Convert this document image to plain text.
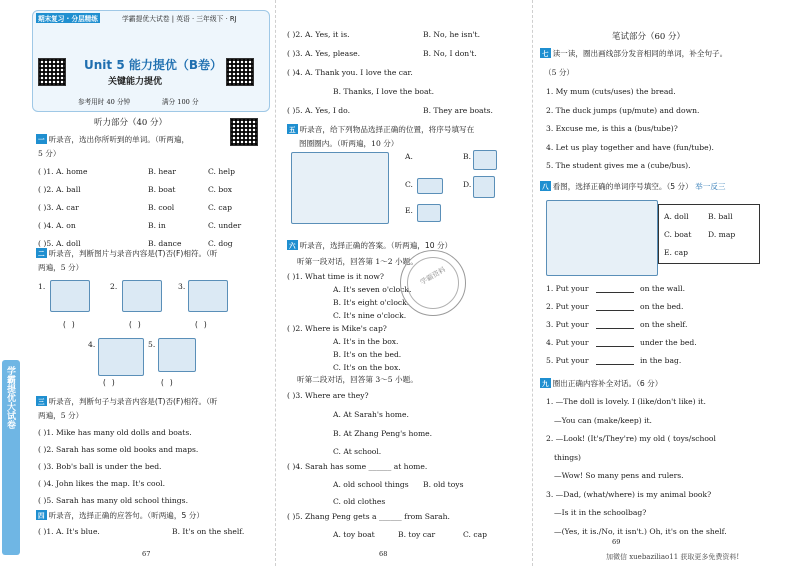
学霸提优大试卷
期末复习 · 分层精练	学霸提优大试卷 | 英语 · 三年级下 · RJ
Unit 5 能力提优（B卷）
关键能力提优
参考用时 40 分钟	满分 100 分
听力部分（40 分）
一 听录音，选出你所听到的单词。（听两遍，
5 分）
二 听录音，判断图片与录音内容是(T)否(F)相符。（听
两遍，5 分）
1.	2.	3.
( )	( )	( )
4.	5.
( )	( )
三 听录音，判断句子与录音内容是(T)否(F)相符。（听
两遍，5 分）
四 听录音，选择正确的应答句。（听两遍，5 分）
( )1. A. It's blue.	B. It's on the shelf.
67
( )1. A. home	B. hear	C. help
( )2. A. ball	B. boat	C. box
( )3. A. car	B. cool	C. cap
( )4. A. on	B. in	C. under
( )5. A. doll	B. dance	C. dog
( )1. Mike has many old dolls and boats.
( )2. Sarah has some old books and maps.
( )3. Bob's ball is under the bed.
( )4. John likes the map. It's cool.
( )5. Sarah has many old school things.
( )2. A. Yes, it is.	B. No, he isn't.
( )3. A. Yes, please.	B. No, I don't.
( )4. A. Thank you. I love the car.
B. Thanks, I love the boat.
( )5. A. Yes, I do.	B. They are boats.
五 听录音，给下列物品选择正确的位置，将序号填写在
图圈圈内。（听两遍，10 分）
A.	B.
C.	D.
E.
六 听录音，选择正确的答案。（听两遍，10 分）
听第一段对话，回答第 1～2 小题。
听第二段对话，回答第 3～5 小题。
68
( )1. What time is it now?
A. It's seven o'clock.
B. It's eight o'clock.
C. It's nine o'clock.
( )2. Where is Mike's cap?
A. It's in the box.
B. It's on the bed.
C. It's on the box.
( )3. Where are they?
A. At Sarah's home.
B. At Zhang Peng's home.
C. At school.
( )4. Sarah has some ______ at home.
A. old school things B. old toys
C. old clothes
( )5. Zhang Peng gets a ______ from Sarah.
A. toy boat	B. toy car	C. cap
学霸资料
笔试部分（60 分）
七 读一读，圈出画线部分发音相同的单词，补全句子。
（5 分）
八 看图，选择正确的单词序号填空。（5 分） 举一反三
A. doll	B. ball
C. boat D. map
E. cap
九 圈出正确内容补全对话。（6 分）
69
加微信 xuebaziliao11 获取更多免费资料!
1. My mum (cuts/uses) the bread.
2. The duck jumps (up/mute) and down.
3. Excuse me, is this a (bus/tube)?
4. Let us play together and have (fun/tube).
5. The student gives me a (cube/bus).
1. Put your	on the wall.
2. Put your	on the bed.
3. Put your	on the shelf.
4. Put your	under the bed.
5. Put your	in the bag.
1. —The doll is lovely. I (like/don't like) it.
—You can (make/keep) it.
2. —Look! (It's/They're) my old ( toys/school
things)
—Wow! So many pens and rulers.
3. —Dad, (what/where) is my animal book?
—Is it in the schoolbag?
—(Yes, it is./No, it isn't.) Oh, it's on the shelf.
